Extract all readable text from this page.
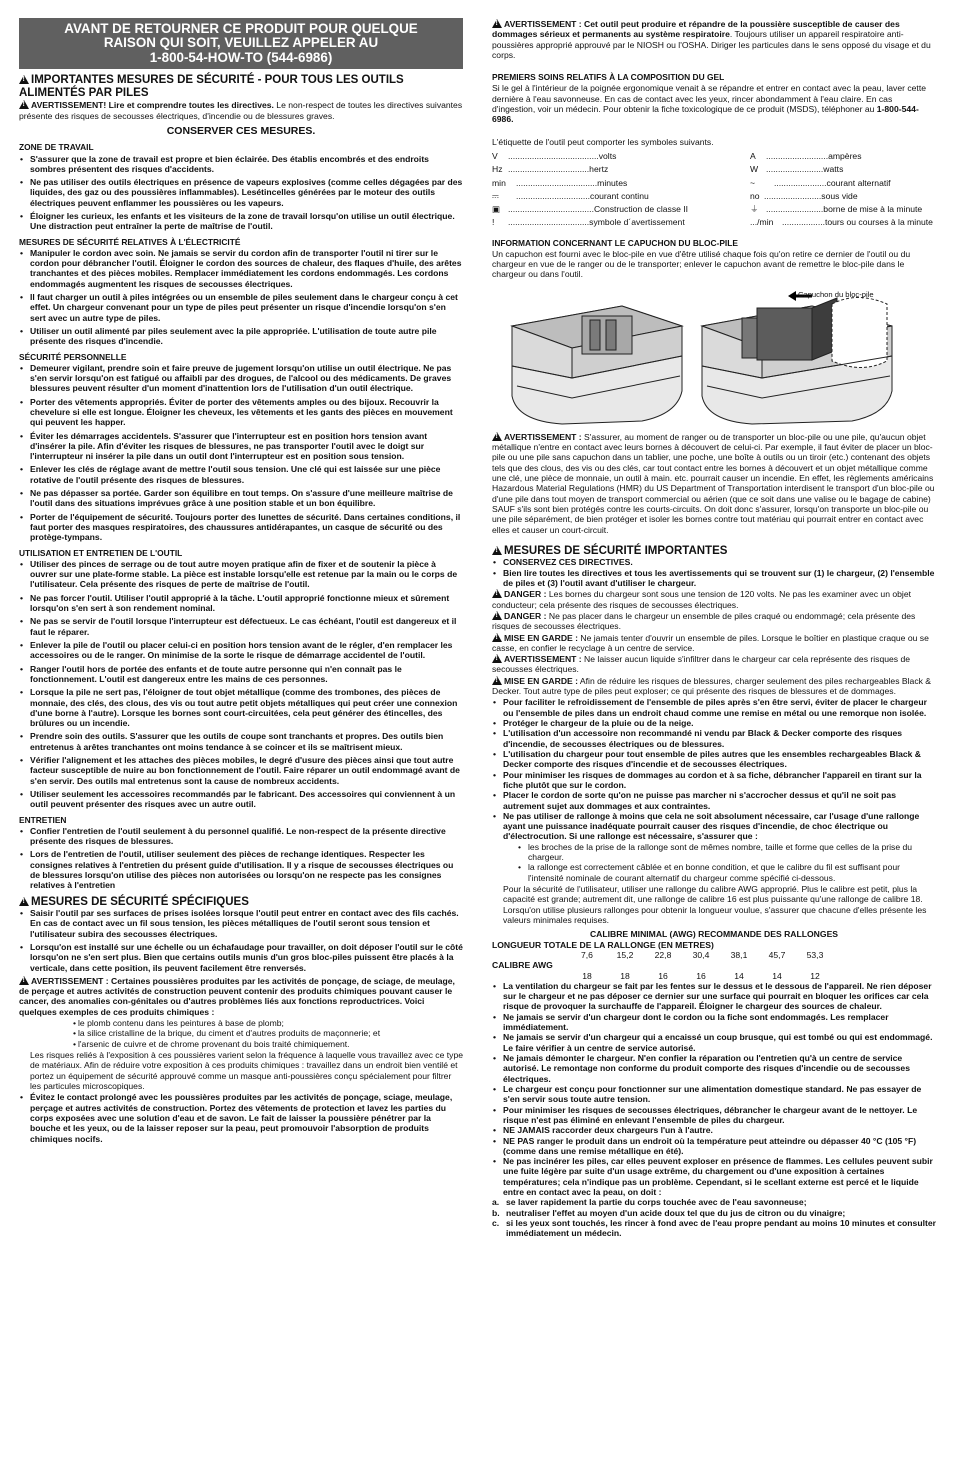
AVANT DE RETOURNER CE PRODUIT POUR QUELQUE
RAISON QUI SOIT, VEUILLEZ APPELER AU
1-800-54-HOW-TO (544-6986)
!IMPORTANTES MESURES DE SÉCURITÉ - POUR TOUS LES OUTILS ALIMENTÉS PAR PILES
!AVERTISSEMENT! Lire et comprendre toutes les directives. Le non-respect de toutes les directives suivantes présente des risques de secousses électriques, d'incendie ou de blessures graves.
CONSERVER CES MESURES.
ZONE DE TRAVAIL
• S'assurer que la zone de travail est propre et bien éclairée. Des établis encombrés et des endroits sombres présentent des risques d'accidents.
• Ne pas utiliser des outils électriques en présence de vapeurs explosives (comme celles dégagées par des liquides, des gaz ou des poussières inflammables). Lesétincelles générées par le moteur des outils électriques peuvent enflammer les poussières ou les vapeurs.
• Éloigner les curieux, les enfants et les visiteurs de la zone de travail lorsqu'on utilise un outil électrique. Une distraction peut entraîner la perte de maîtrise de l'outil.
MESURES DE SÉCURITÉ RELATIVES À L'ÉLECTRICITÉ
• Manipuler le cordon avec soin. Ne jamais se servir du cordon afin de transporter l'outil ni tirer sur le cordon pour débrancher l'outil. Éloigner le cordon des sources de chaleur, des flaques d'huile, des arêtes tranchantes et des pièces mobiles. Remplacer immédiatement les cordons endommagés. Les cordons endommagés augmentent les risques de secousses électriques.
• Il faut charger un outil à piles intégrées ou un ensemble de piles seulement dans le chargeur conçu à cet effet. Un chargeur convenant pour un type de piles peut présenter un risque d'incendie lorsqu'on s'en sert avec un autre type de piles.
• Utiliser un outil alimenté par piles seulement avec la pile appropriée. L'utilisation de toute autre pile présente des risques d'incendie.
SÉCURITÉ PERSONNELLE
• Demeurer vigilant, prendre soin et faire preuve de jugement lorsqu'on utilise un outil électrique. Ne pas s'en servir lorsqu'on est fatigué ou affaibli par des drogues, de l'alcool ou des médicaments. De graves blessures peuvent résulter d'un moment d'inattention lors de l'utilisation d'un outil électrique.
• Porter des vêtements appropriés. Éviter de porter des vêtements amples ou des bijoux. Recouvrir la chevelure si elle est longue. Éloigner les cheveux, les vêtements et les gants des pièces en mouvement qui peuvent les happer.
• Éviter les démarrages accidentels. S'assurer que l'interrupteur est en position hors tension avant d'insérer la pile. Afin d'éviter les risques de blessures, ne pas transporter l'outil avec le doigt sur l'interrupteur ni insérer la pile dans un outil dont l'interrupteur est en position sous tension.
• Enlever les clés de réglage avant de mettre l'outil sous tension. Une clé qui est laissée sur une pièce rotative de l'outil présente des risques de blessures.
• Ne pas dépasser sa portée. Garder son équilibre en tout temps. On s'assure d'une meilleure maîtrise de l'outil dans des situations imprévues grâce à une position stable et un bon équilibre.
• Porter de l'équipement de sécurité. Toujours porter des lunettes de sécurité. Dans certaines conditions, il faut porter des masques respiratoires, des chaussures antidérapantes, un casque de sécurité ou des protège-tympans.
UTILISATION ET ENTRETIEN DE L'OUTIL
• Utiliser des pinces de serrage ou de tout autre moyen pratique afin de fixer et de soutenir la pièce à ouvrer sur une plate-forme stable. La pièce est instable lorsqu'elle est retenue par la main ou le corps de l'utilisateur. Cela présente des risques de perte de maîtrise de l'outil.
• Ne pas forcer l'outil. Utiliser l'outil approprié à la tâche. L'outil approprié fonctionne mieux et sûrement lorsqu'on s'en sert à son rendement nominal.
• Ne pas se servir de l'outil lorsque l'interrupteur est défectueux. Le cas échéant, l'outil est dangereux et il faut le réparer.
• Enlever la pile de l'outil ou placer celui-ci en position hors tension avant de le régler, d'en remplacer les accessoires ou de le ranger. On minimise de la sorte le risque de démarrage accidentel de l'outil.
• Ranger l'outil hors de portée des enfants et de toute autre personne qui n'en connaît pas le fonctionnement. L'outil est dangereux entre les mains de ces personnes.
• Lorsque la pile ne sert pas, l'éloigner de tout objet métallique (comme des trombones, des pièces de monnaie, des clés, des clous, des vis ou tout autre petit objets métalliques qui peut créer une connexion d'une borne à l'autre). Lorsque les bornes sont court-circuitées, cela peut générer des étincelles, des brûlures ou un incendie.
• Prendre soin des outils. S'assurer que les outils de coupe sont tranchants et propres. Des outils bien entretenus à arêtes tranchantes ont moins tendance à se coincer et ils se maîtrisent mieux.
• Vérifier l'alignement et les attaches des pièces mobiles, le degré d'usure des pièces ainsi que tout autre facteur susceptible de nuire au bon fonctionnement de l'outil. Faire réparer un outil endommagé avant de s'en servir. Des outils mal entretenus sont la cause de nombreux accidents.
• Utiliser seulement les accessoires recommandés par le fabricant. Des accessoires qui conviennent à un outil peuvent présenter des risques avec un autre outil.
ENTRETIEN
• Confier l'entretien de l'outil seulement à du personnel qualifié. Le non-respect de la présente directive présente des risques de blessures.
• Lors de l'entretien de l'outil, utiliser seulement des pièces de rechange identiques. Respecter les consignes relatives à l'entretien du présent guide d'utilisation. Il y a risque de secousses électriques ou de blessures lorsqu'on utilise des pièces non autorisées ou lorsqu'on ne respecte pas les consignes relatives à l'entretien
!MESURES DE SÉCURITÉ SPÉCIFIQUES
• Saisir l'outil par ses surfaces de prises isolées lorsque l'outil peut entrer en contact avec des fils cachés. En cas de contact avec un fil sous tension, les pièces métalliques de l'outil seront sous tension et l'utilisateur subira des secousses électriques.
• Lorsqu'on est installé sur une échelle ou un échafaudage pour travailler, on doit déposer l'outil sur le côté lorsqu'on ne s'en sert plus. Bien que certains outils munis d'un gros bloc-piles puissent être placés à la verticale, dans cette position, ils peuvent facilement être renversés.
!AVERTISSEMENT : Certaines poussières produites par les activités de ponçage, de sciage, de meulage, de perçage et autres activités de construction peuvent contenir des produits chimiques pouvant causer le cancer, des anomalies con-génitales ou d'autres problèmes liés aux fonctions reproductrices. Voici quelques exemples de ces produits chimiques :
• le plomb contenu dans les peintures à base de plomb;
• la silice cristalline de la brique, du ciment et d'autres produits de maçonnerie; et
• l'arsenic de cuivre et de chrome provenant du bois traité chimiquement.
Les risques reliés à l'exposition à ces poussières varient selon la fréquence à laquelle vous travaillez avec ce type de matériaux. Afin de réduire votre exposition à ces produits chimiques : travaillez dans un endroit bien ventilé et portez un équipement de sécurité approuvé comme un masque anti-poussières conçu spécialement pour filtrer les particules microscopiques.
• Évitez le contact prolongé avec les poussières produites par les activités de ponçage, sciage, meulage, perçage et autres activités de construction. Portez des vêtements de protection et lavez les parties du corps exposées avec une solution d'eau et de savon. Le fait de laisser la poussière pénétrer par la bouche et les yeux, ou de la laisser reposer sur la peau, peut promouvoir l'absorption de produits chimiques nocifs.
!AVERTISSEMENT : Cet outil peut produire et répandre de la poussière susceptible de causer des dommages sérieux et permanents au système respiratoire. Toujours utiliser un appareil respiratoire anti-poussières approprié approuvé par le NIOSH ou l'OSHA. Diriger les particules dans le sens opposé du visage et du corps.
PREMIERS SOINS RELATIFS À LA COMPOSITION DU GEL
Si le gel à l'intérieur de la poignée ergonomique venait à se répandre et entrer en contact avec la peau, laver cette dernière à l'eau savonneuse. En cas de contact avec les yeux, rincer abondamment à l'eau claire. En cas d'ingestion, voir un médecin. Pour obtenir la fiche toxicologique de ce produit (MSDS), téléphoner au 1-800-544-6986.
L'étiquette de l'outil peut comporter les symboles suivants.
V	......................................volts	A	..........................ampères
Hz ..................................hertz	W ........................watts
min	..................................minutes	~	......................courant alternatif
⎓	...............................courant continu	no ........................sous vide
▣ ....................................Construction de classe II	⏚ ........................borne de mise à la minute
!	..................................symbole d´avertissement	.../min ..................tours ou courses à la minute
INFORMATION CONCERNANT LE CAPUCHON DU BLOC-PILE
Un capuchon est fourni avec le bloc-pile en vue d'être utilisé chaque fois qu'on retire ce dernier de l'outil ou du chargeur en vue de le ranger ou de le transporter; enlever le capuchon avant de remettre le bloc-pile dans le chargeur ou dans l'outil.
Capuchon du bloc-pile
!AVERTISSEMENT : S'assurer, au moment de ranger ou de transporter un bloc-pile ou une pile, qu'aucun objet métallique n'entre en contact avec leurs bornes à découvert de celui-ci. Par exemple, il faut éviter de placer un bloc-pile ou une pile sans capuchon dans un tablier, une poche, une boîte à outils ou un tiroir (etc.) contenant des objets tels que des clous, des vis ou des clés, car tout contact entre les bornes à découvert et un objet métallique comme une clé, une pièce de monnaie, un outil à main. etc. pourrait causer un incendie. En effet, les règlements américains Hazardous Material Regulations (HMR) du US Department of Transportation interdisent le transport d'un bloc-pile ou d'une pile dans tout moyen de transport commercial ou aérien (que ce soit dans une valise ou le bagage de cabine) SAUF s'ils sont bien protégés contre les courts-circuits. On doit donc s'assurer, lorsqu'on transporte un bloc-pile ou une pile séparément, de bien protéger et isoler les bornes contre tout matériau qui pourrait entrer en contact avec elles et causer un court-circuit.
!MESURES DE SÉCURITÉ IMPORTANTES
• CONSERVEZ CES DIRECTIVES.
• Bien lire toutes les directives et tous les avertissements qui se trouvent sur (1) le chargeur, (2) l'ensemble de piles et (3) l'outil avant d'utiliser le chargeur.
!DANGER : Les bornes du chargeur sont sous une tension de 120 volts. Ne pas les examiner avec un objet conducteur; cela présente des risques de secousses électriques.
!DANGER : Ne pas placer dans le chargeur un ensemble de piles craqué ou endommagé; cela présente des risques de secousses électriques.
!MISE EN GARDE : Ne jamais tenter d'ouvrir un ensemble de piles. Lorsque le boîtier en plastique craque ou se casse, en confier le recyclage à un centre de service.
!AVERTISSEMENT : Ne laisser aucun liquide s'infiltrer dans le chargeur car cela représente des risques de secousses électriques.
!MISE EN GARDE : Afin de réduire les risques de blessures, charger seulement des piles rechargeables Black & Decker. Tout autre type de piles peut exploser; ce qui présente des risques de blessures et de dommages.
• Pour faciliter le refroidissement de l'ensemble de piles après s'en être servi, éviter de placer le chargeur ou l'ensemble de piles dans un endroit chaud comme une remise en métal ou une remorque non isolée.
• Protéger le chargeur de la pluie ou de la neige.
• L'utilisation d'un accessoire non recommandé ni vendu par Black & Decker comporte des risques d'incendie, de secousses électriques ou de blessures.
• L'utilisation du chargeur pour tout ensemble de piles autres que les ensembles rechargeables Black & Decker comporte des risques d'incendie et de secousses électriques.
• Pour minimiser les risques de dommages au cordon et à sa fiche, débrancher l'appareil en tirant sur la fiche plutôt que sur le cordon.
• Placer le cordon de sorte qu'on ne puisse pas marcher ni s'accrocher dessus et qu'il ne soit pas autrement sujet aux dommages et aux contraintes.
• Ne pas utiliser de rallonge à moins que cela ne soit absolument nécessaire, car l'usage d'une rallonge ayant une puissance inadéquate pourrait causer des risques d'incendie, de choc électrique ou d'électrocution. Si une rallonge est nécessaire, s'assurer que :
• les broches de la prise de la rallonge sont de mêmes nombre, taille et forme que celles de la prise du chargeur.
• la rallonge est correctement câblée et en bonne condition, et que le calibre du fil est suffisant pour l'intensité nominale de courant alternatif du chargeur comme spécifié ci-dessous.
Pour la sécurité de l'utilisateur, utiliser une rallonge du calibre AWG approprié. Plus le calibre est petit, plus la capacité est grande; autrement dit, une rallonge de calibre 16 est plus puissante qu'une rallonge de calibre 18. Lorsqu'on utilise plusieurs rallonges pour obtenir la longueur voulue, s'assurer que chacune d'elles présente les valeurs minimales requises.
CALIBRE MINIMAL (AWG) RECOMMANDE DES RALLONGES
LONGUEUR TOTALE DE LA RALLONGE (EN METRES)
7,6	15,2	22,8	30,4	38,1	45,7	53,3
CALIBRE AWG
18	18	16	16	14	14	12
• La ventilation du chargeur se fait par les fentes sur le dessus et le dessous de l'appareil. Ne rien déposer sur le chargeur et ne pas déposer ce dernier sur une surface qui pourrait en bloquer les orifices car cela risque de provoquer la surchauffe de l'appareil. Éloigner le chargeur des sources de chaleur.
• Ne jamais se servir d'un chargeur dont le cordon ou la fiche sont endommagés. Les remplacer immédiatement.
• Ne jamais se servir d'un chargeur qui a encaissé un coup brusque, qui est tombé ou qui est endommagé. Le faire vérifier à un centre de service autorisé.
• Ne jamais démonter le chargeur. N'en confier la réparation ou l'entretien qu'à un centre de service autorisé. Le remontage non conforme du produit comporte des risques d'incendie ou de secousses électriques.
• Le chargeur est conçu pour fonctionner sur une alimentation domestique standard. Ne pas essayer de s'en servir sous toute autre tension.
• Pour minimiser les risques de secousses électriques, débrancher le chargeur avant de le nettoyer. Le risque n'est pas éliminé en enlevant l'ensemble de piles du chargeur.
• NE JAMAIS raccorder deux chargeurs l'un à l'autre.
• NE PAS ranger le produit dans un endroit où la température peut atteindre ou dépasser 40 °C (105 °F) (comme dans une remise métallique en été).
• Ne pas incinérer les piles, car elles peuvent exploser en présence de flammes. Les cellules peuvent subir une fuite légère par suite d'un usage extrême, du chargement ou d'une exposition à certaines températures; cela n'indique pas un problème. Cependant, si le scellant externe est percé et le liquide entre en contact avec la peau, on doit :
a. se laver rapidement la partie du corps touchée avec de l'eau savonneuse;
b. neutraliser l'effet au moyen d'un acide doux tel que du jus de citron ou du vinaigre;
c. si les yeux sont touchés, les rincer à fond avec de l'eau propre pendant au moins 10 minutes et consulter immédiatement un médecin.
